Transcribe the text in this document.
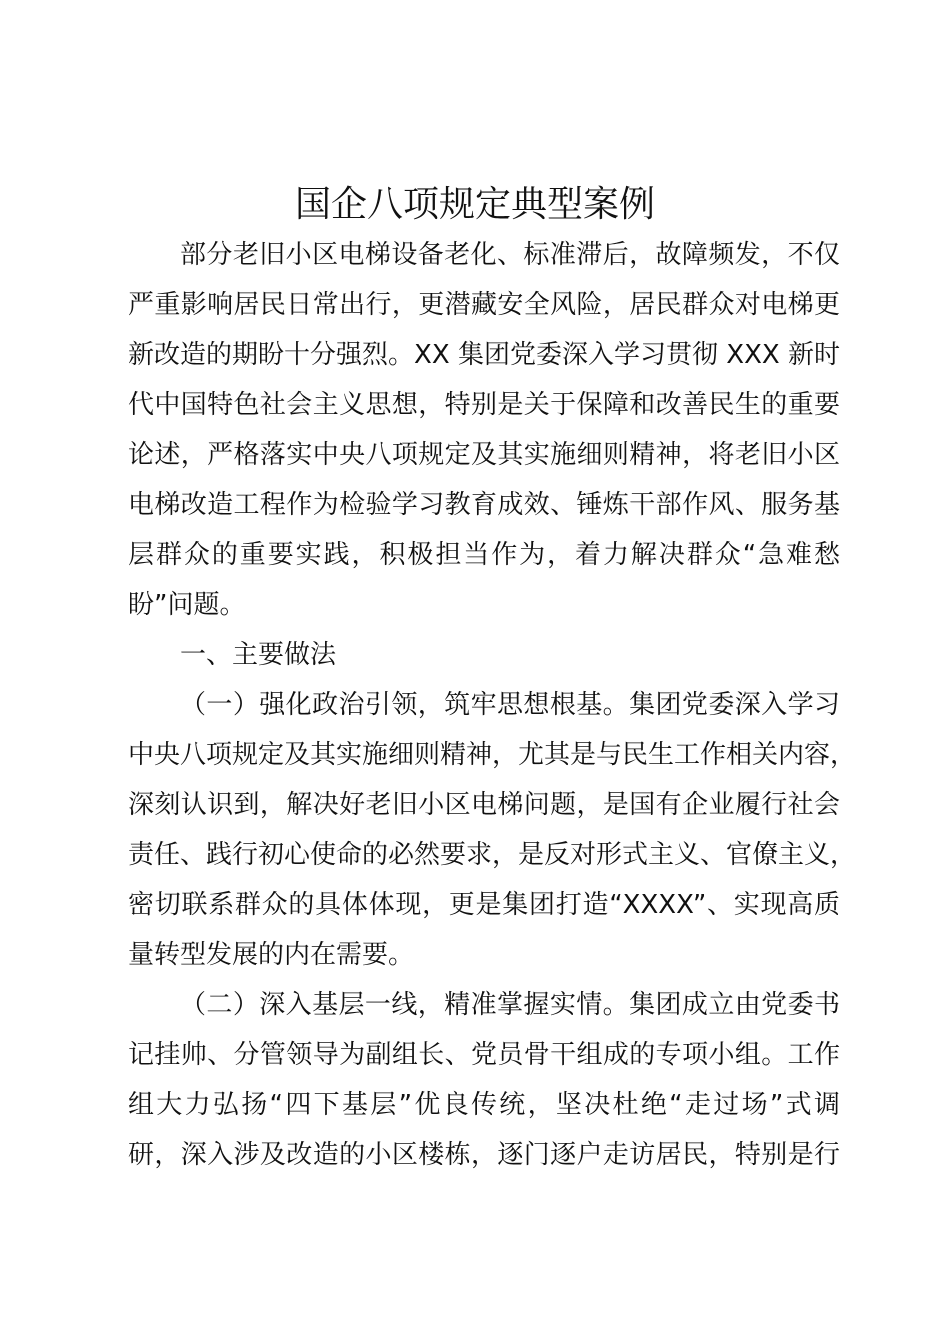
国企八项规定典型案例
部分老旧小区电梯设备老化、标准滞后，故障频发，不仅
严重影响居民日常出行，更潜藏安全风险，居民群众对电梯更
新改造的期盼十分强烈。XX 集团党委深入学习贯彻 XXX 新时
代中国特色社会主义思想，特别是关于保障和改善民生的重要
论述，严格落实中央八项规定及其实施细则精神，将老旧小区
电梯改造工程作为检验学习教育成效、锤炼干部作风、服务基
层群众的重要实践，积极担当作为，着力解决群众“急难愁
盼”问题。
一、主要做法
（一）强化政治引领，筑牢思想根基。集团党委深入学习
中央八项规定及其实施细则精神，尤其是与民生工作相关内容，
深刻认识到，解决好老旧小区电梯问题，是国有企业履行社会
责任、践行初心使命的必然要求，是反对形式主义、官僚主义，
密切联系群众的具体体现，更是集团打造“XXXX”、实现高质
量转型发展的内在需要。
（二）深入基层一线，精准掌握实情。集团成立由党委书
记挂帅、分管领导为副组长、党员骨干组成的专项小组。工作
组大力弘扬“四下基层”优良传统，坚决杜绝“走过场”式调
研，深入涉及改造的小区楼栋，逐门逐户走访居民，特别是行
